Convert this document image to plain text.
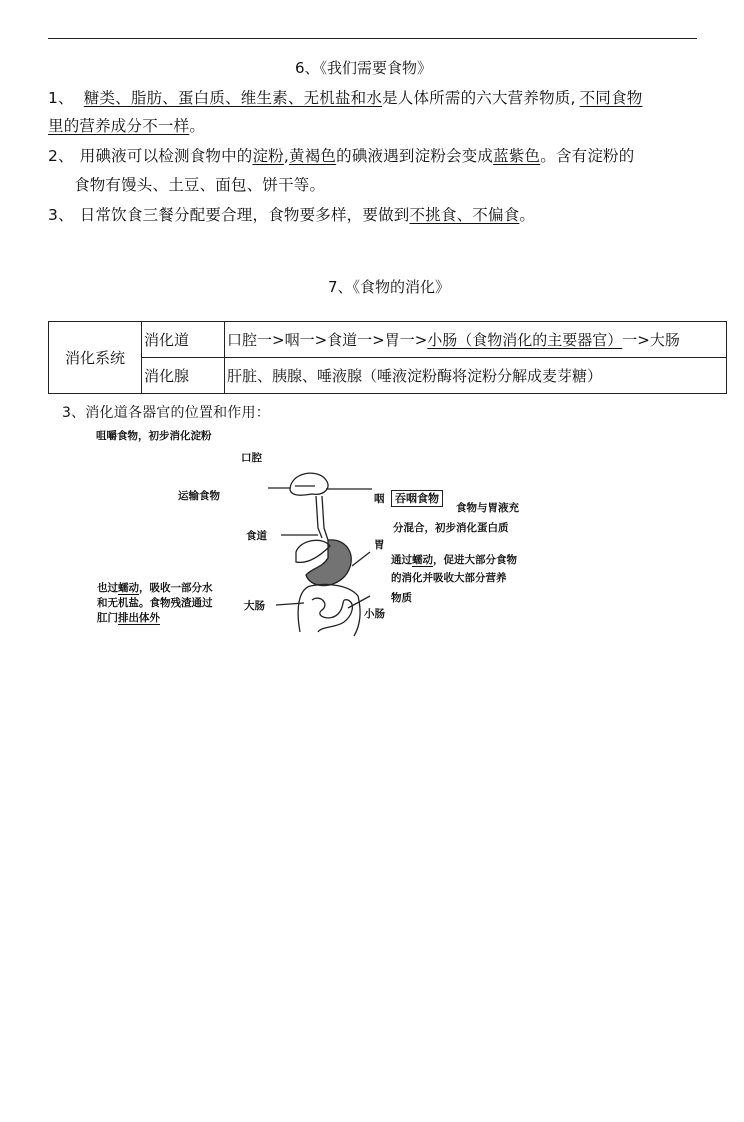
6、《我们需要食物》
1、 糖类、脂肪、蛋白质、维生素、无机盐和水是人体所需的六大营养物质, 不同食物
里的营养成分不一样。
2、 用碘液可以检测食物中的淀粉,黄褐色的碘液遇到淀粉会变成蓝紫色。含有淀粉的
食物有馒头、土豆、面包、饼干等。
3、 日常饮食三餐分配要合理，食物要多样，要做到不挑食、不偏食。
7、《食物的消化》
消化系统	消化道	口腔一>咽一>食道一>胃一>小肠（食物消化的主要器官）一>大肠
	消化腺	肝脏、胰腺、唾液腺（唾液淀粉酶将淀粉分解成麦芽糖）
3、消化道各器官的位置和作用：
咀嚼食物，初步消化淀粉
口腔
运输食物	咽 吞咽食物
食物与胃液充
分混合，初步消化蛋白质
食道
胃
通过蠕动，促进大部分食物
的消化并吸收大部分营养
物质
也过蠕动，吸收一部分水
和无机盐。食物残渣通过
肛门排出体外
大肠
小肠
